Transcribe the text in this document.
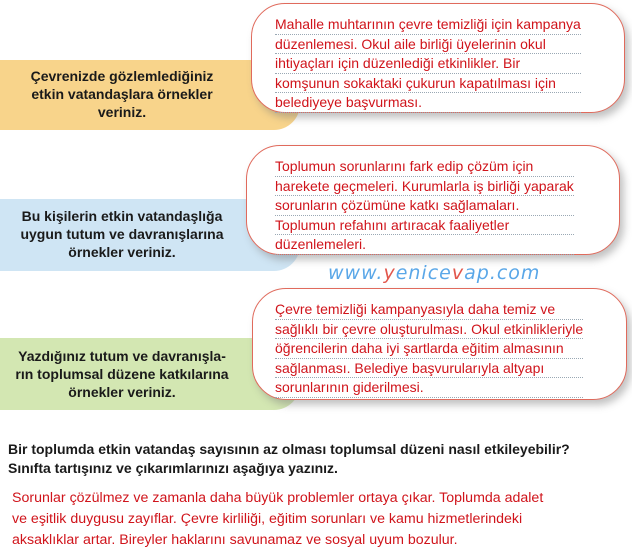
Çevrenizde gözlemlediğiniz
etkin vatandaşlara örnekler
veriniz.
Mahalle muhtarının çevre temizliği için kampanya
düzenlemesi. Okul aile birliği üyelerinin okul
ihtiyaçları için düzenlediği etkinlikler. Bir
komşunun sokaktaki çukurun kapatılması için
belediyeye başvurması.
Bu kişilerin etkin vatandaşlığa
uygun tutum ve davranışlarına
örnekler veriniz.
Toplumun sorunlarını fark edip çözüm için
harekete geçmeleri. Kurumlarla iş birliği yaparak
sorunların çözümüne katkı sağlamaları.
Toplumun refahını artıracak faaliyetler
düzenlemeleri.
www.yenicevap.com
Yazdığınız tutum ve davranışla-
rın toplumsal düzene katkılarına
örnekler veriniz.
Çevre temizliği kampanyasıyla daha temiz ve
sağlıklı bir çevre oluşturulması. Okul etkinlikleriyle
öğrencilerin daha iyi şartlarda eğitim almasının
sağlanması. Belediye başvurularıyla altyapı
sorunlarının giderilmesi.
Bir toplumda etkin vatandaş sayısının az olması toplumsal düzeni nasıl etkileyebilir?
Sınıfta tartışınız ve çıkarımlarınızı aşağıya yazınız.
Sorunlar çözülmez ve zamanla daha büyük problemler ortaya çıkar. Toplumda adalet
ve eşitlik duygusu zayıflar. Çevre kirliliği, eğitim sorunları ve kamu hizmetlerindeki
aksaklıklar artar. Bireyler haklarını savunamaz ve sosyal uyum bozulur.
